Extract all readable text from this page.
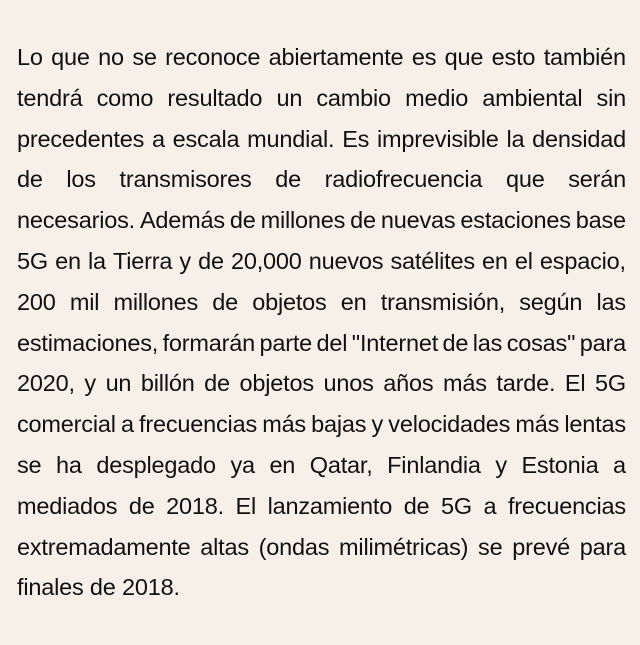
Lo que no se reconoce abiertamente es que esto también
tendrá como resultado un cambio medio ambiental sin
precedentes a escala mundial. Es imprevisible la densidad
de los transmisores de radiofrecuencia que serán
necesarios. Además de millones de nuevas estaciones base
5G en la Tierra y de 20,000 nuevos satélites en el espacio,
200 mil millones de objetos en transmisión, según las
estimaciones, formarán parte del "Internet de las cosas" para
2020, y un billón de objetos unos años más tarde. El 5G
comercial a frecuencias más bajas y velocidades más lentas
se ha desplegado ya en Qatar, Finlandia y Estonia a
mediados de 2018. El lanzamiento de 5G a frecuencias
extremadamente altas (ondas milimétricas) se prevé para
finales
de
2018.
